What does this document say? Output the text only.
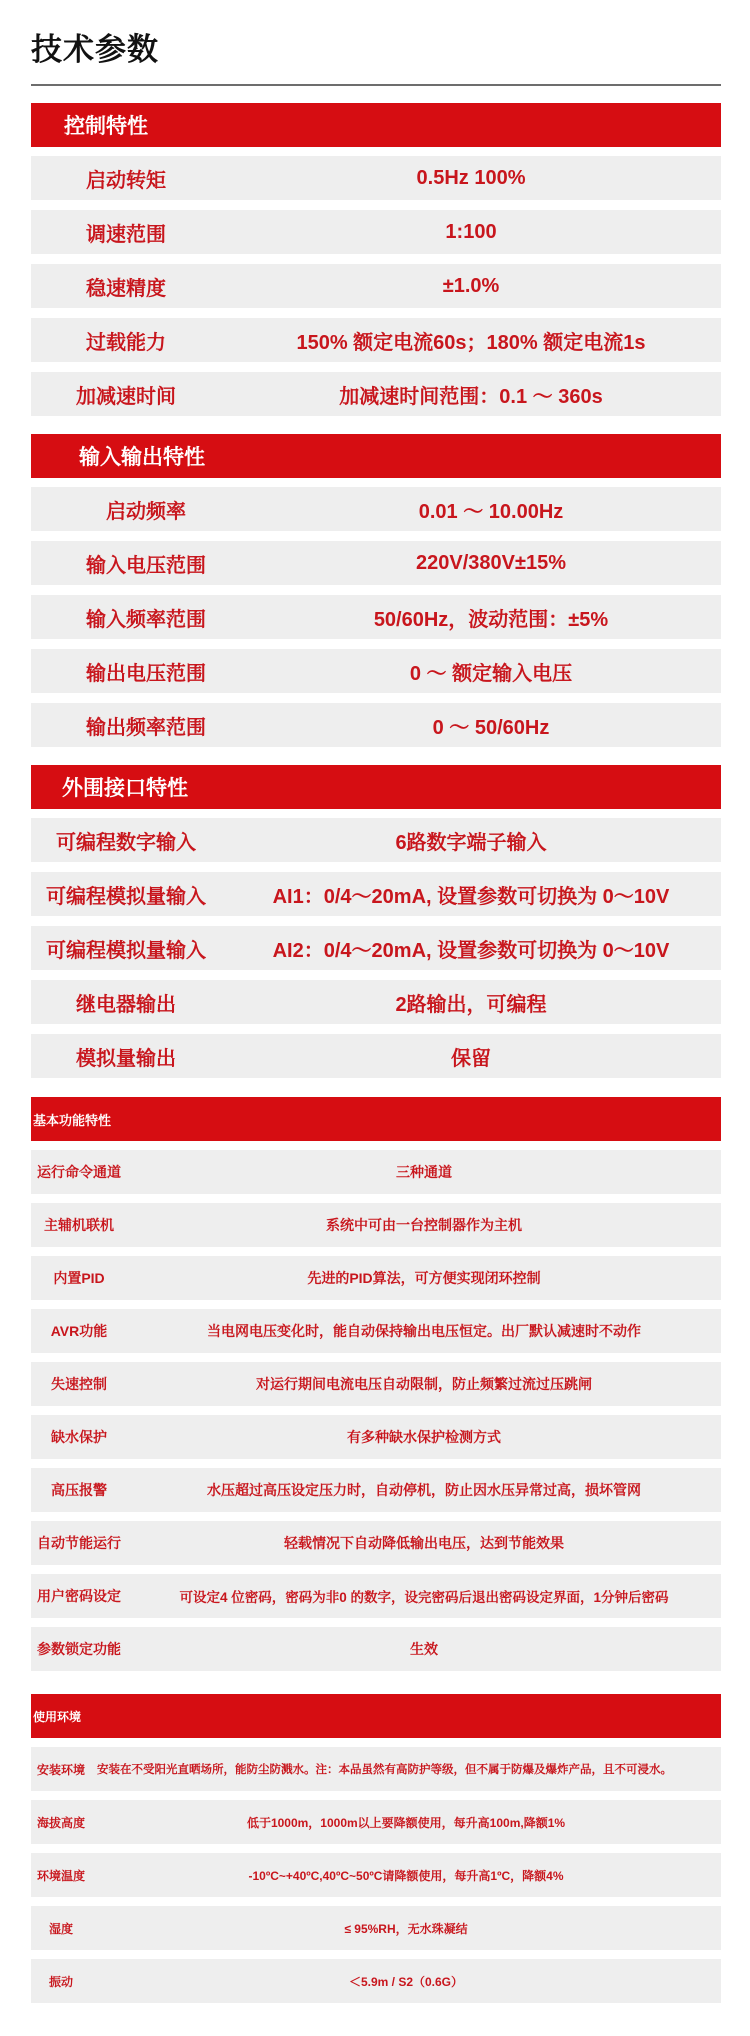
技术参数
控制特性
启动转矩	0.5Hz 100%
调速范围	1:100
稳速精度	±1.0%
过载能力	150% 额定电流60s；180% 额定电流1s
加减速时间	加减速时间范围：0.1 ～ 360s
输入输出特性
启动频率	0.01 ～ 10.00Hz
输入电压范围	220V/380V±15%
输入频率范围	50/60Hz，波动范围：±5%
输出电压范围	0 ～ 额定输入电压
输出频率范围	0 ～ 50/60Hz
外围接口特性
可编程数字输入	6路数字端子输入
可编程模拟量输入	AI1：0/4～20mA, 设置参数可切换为 0～10V
可编程模拟量输入	AI2：0/4～20mA, 设置参数可切换为 0～10V
继电器输出	2路输出，可编程
模拟量输出	保留
基本功能特性
运行命令通道	三种通道
主辅机联机	系统中可由一台控制器作为主机
内置PID	先进的PID算法，可方便实现闭环控制
AVR功能	当电网电压变化时，能自动保持输出电压恒定。出厂默认减速时不动作
失速控制	对运行期间电流电压自动限制，防止频繁过流过压跳闸
缺水保护	有多种缺水保护检测方式
高压报警	水压超过高压设定压力时，自动停机，防止因水压异常过高，损坏管网
自动节能运行	轻载情况下自动降低输出电压，达到节能效果
用户密码设定	可设定4 位密码，密码为非0 的数字，设完密码后退出密码设定界面，1分钟后密码
参数锁定功能	生效
使用环境
安装环境	安装在不受阳光直晒场所，能防尘防溅水。注：本品虽然有高防护等级，但不属于防爆及爆炸产品，且不可浸水。
海拔高度	低于1000m，1000m以上要降额使用，每升高100m,降额1%
环境温度	-10ºC~+40ºC,40ºC~50ºC请降额使用，每升高1ºC，降额4%
湿度	≤ 95%RH，无水珠凝结
振动	＜5.9m / S2（0.6G）
